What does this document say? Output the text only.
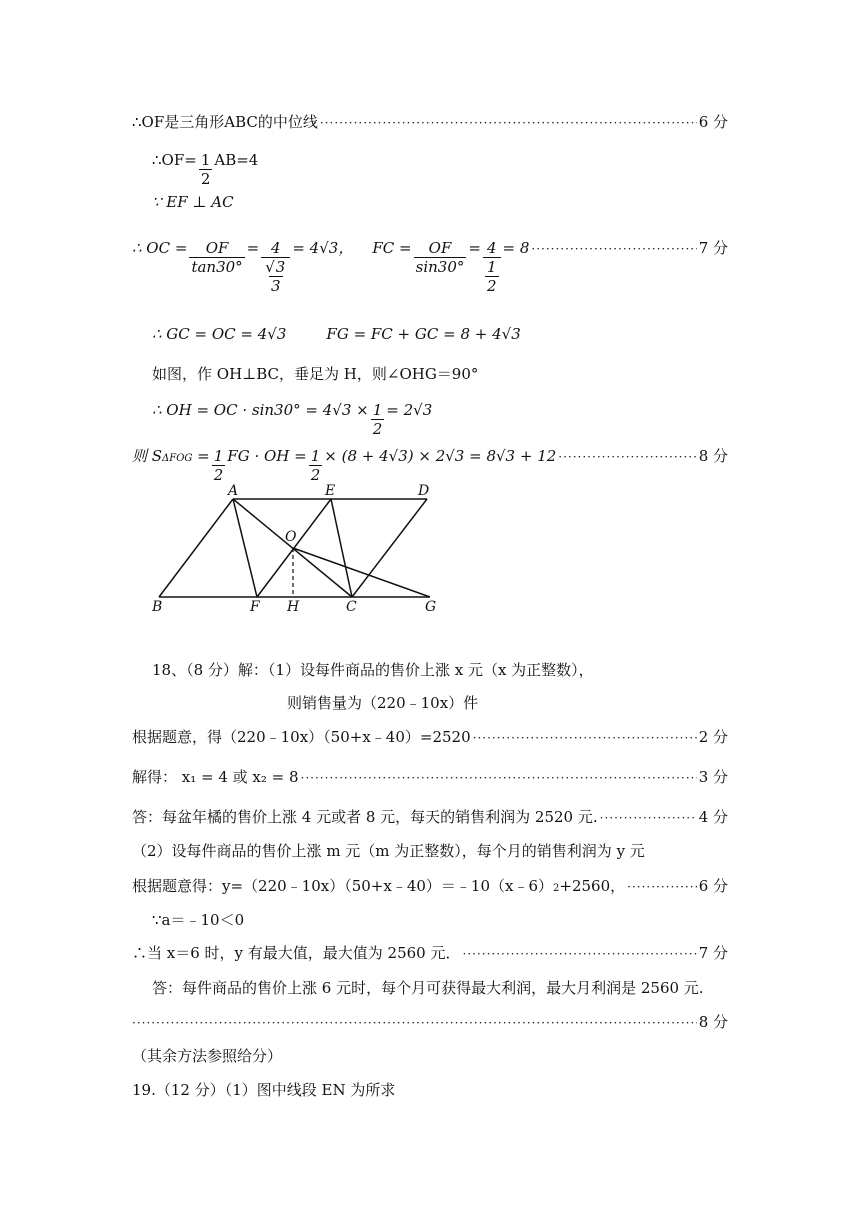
∴OF是三角形ABC的中位线 ·····	6 分
∴OF= $\frac{1}{2} AB=4$
∵ EF ⊥ AC
∴ OC = $\frac{OF}{\tan 30^\circ} = \frac{4}{\frac{√3}{3}} = 4√3$ ，    FC = $\frac{OF}{\sin 30^\circ} = \frac{4}{\frac{1}{2}} = 8$ ·····	7 分
∴ GC = OC = 4√3	FG = FC + GC = 8 + 4√3
如图，作 OH⊥BC，垂足为 H，则∠OHG＝90°
∴ OH = OC · $\sin 30^\circ = 4√3 \times \frac{1}{2} = 2√3$
则 S $\Delta FOG = \frac{1}{2}$ FG · OH = $\frac{1}{2} \times (8 + 4√3) \times 2√3 = 8√3 + 12$ ·····	8 分
A	E	D
O
B	F H	C	G
18、（8 分）解：（1）设每件商品的售价上涨 x 元（x 为正整数），
则销售量为（220﹣10x）件
根据题意，得（220﹣10x）（50+x﹣40）=2520 ·····	2 分
解得： x₁ = 4 或 x₂ = 8 ·····	3 分
答：每盆年橘的售价上涨 4 元或者 8 元，每天的销售利润为 2520 元. ·····	4 分
（2）设每件商品的售价上涨 m 元（m 为正整数），每个月的销售利润为 y 元
根据题意得：y=（220﹣10x）（50+x﹣40）＝﹣10（x﹣6） 2 +2560， ·····	6 分
∵a＝﹣10＜0
∴当 x＝6 时，y 有最大值，最大值为 2560 元． ·····	7 分
答：每件商品的售价上涨 6 元时，每个月可获得最大利润，最大月利润是 2560 元.
·····
8 分
（其余方法参照给分）
19.（12 分）（1）图中线段 EN 为所求
